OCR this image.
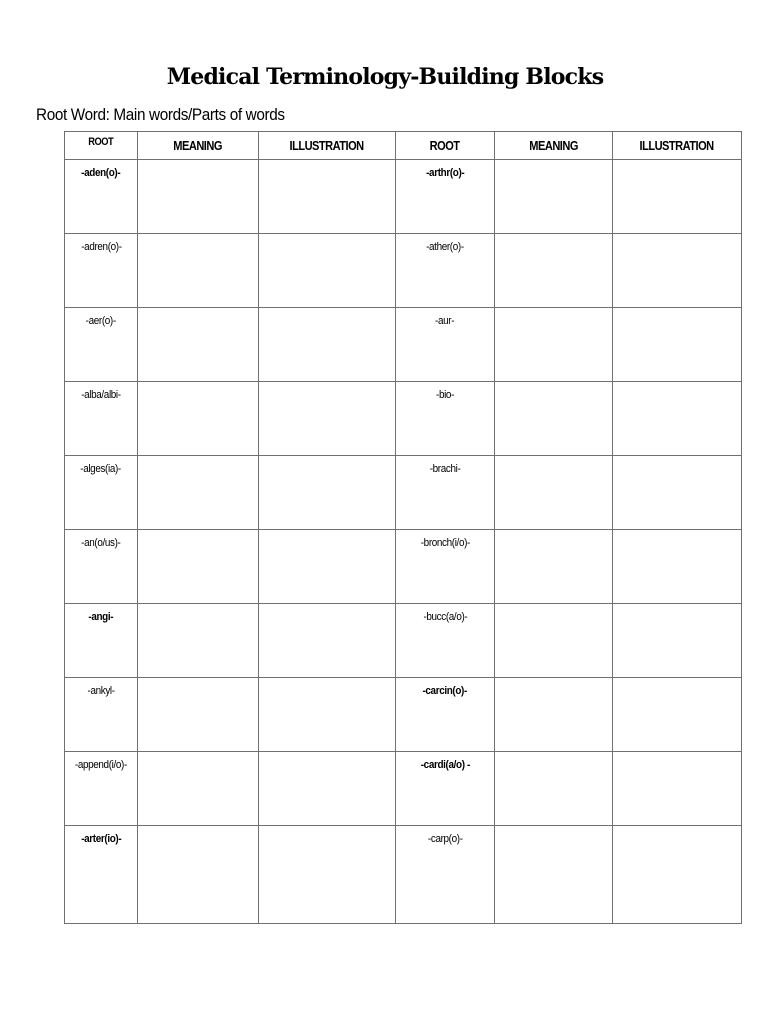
Medical Terminology-Building Blocks
Root Word: Main words/Parts of words
ROOT	MEANING	ILLUSTRATION	ROOT	MEANING	ILLUSTRATION
-aden(o)-			-arthr(o)-		
-adren(o)-			-ather(o)-		
-aer(o)-			-aur-		
-alba/albi-			-bio-		
-alges(ia)-			-brachi-		
-an(o/us)-			-bronch(i/o)-		
-angi-			-bucc(a/o)-		
-ankyl-			-carcin(o)-		
-append(i/o)-			-cardi(a/o) -		
-arter(io)-			-carp(o)-		
